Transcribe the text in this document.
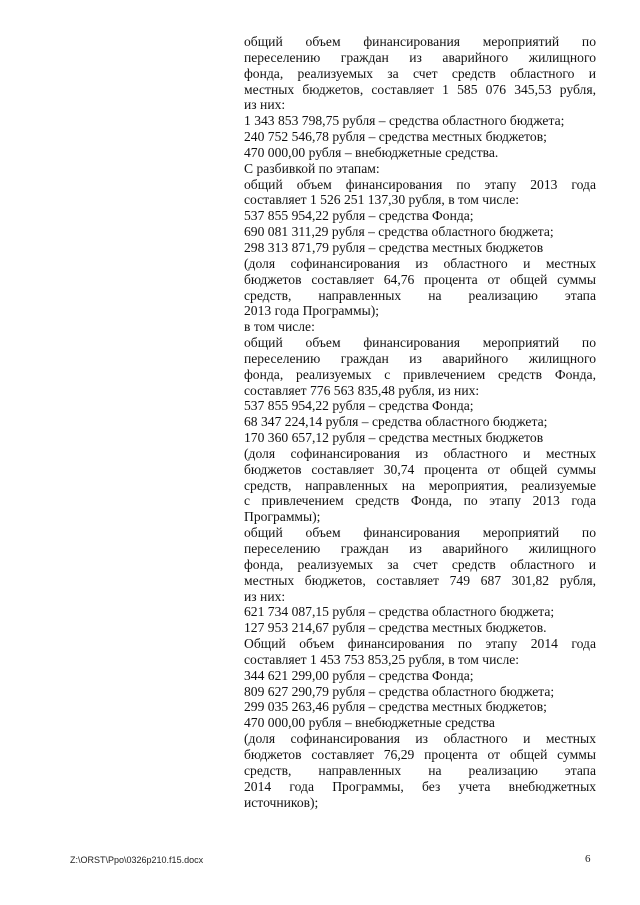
общий объем финансирования мероприятий по
переселению граждан из аварийного жилищного
фонда, реализуемых за счет средств областного и
местных бюджетов, составляет 1 585 076 345,53 рубля,
из них:
1 343 853 798,75 рубля – средства областного бюджета;
240 752 546,78 рубля – средства местных бюджетов;
470 000,00 рубля – внебюджетные средства.
С разбивкой по этапам:
общий объем финансирования по этапу 2013 года
составляет 1 526 251 137,30 рубля, в том числе:
537 855 954,22 рубля – средства Фонда;
690 081 311,29 рубля – средства областного бюджета;
298 313 871,79 рубля – средства местных бюджетов
(доля софинансирования из областного и местных
бюджетов составляет 64,76 процента от общей суммы
средств, направленных на реализацию этапа
2013 года Программы);
в том числе:
общий объем финансирования мероприятий по
переселению граждан из аварийного жилищного
фонда, реализуемых с привлечением средств Фонда,
составляет 776 563 835,48 рубля, из них:
537 855 954,22 рубля – средства Фонда;
68 347 224,14 рубля – средства областного бюджета;
170 360 657,12 рубля – средства местных бюджетов
(доля софинансирования из областного и местных
бюджетов составляет 30,74 процента от общей суммы
средств, направленных на мероприятия, реализуемые
с привлечением средств Фонда, по этапу 2013 года
Программы);
общий объем финансирования мероприятий по
переселению граждан из аварийного жилищного
фонда, реализуемых за счет средств областного и
местных бюджетов, составляет 749 687 301,82 рубля,
из них:
621 734 087,15 рубля – средства областного бюджета;
127 953 214,67 рубля – средства местных бюджетов.
Общий объем финансирования по этапу 2014 года
составляет 1 453 753 853,25 рубля, в том числе:
344 621 299,00 рубля – средства Фонда;
809 627 290,79 рубля – средства областного бюджета;
299 035 263,46 рубля – средства местных бюджетов;
470 000,00 рубля – внебюджетные средства
(доля софинансирования из областного и местных
бюджетов составляет 76,29 процента от общей суммы
средств, направленных на реализацию этапа
2014 года Программы, без учета внебюджетных
источников);
Z:\ORST\Ppo\0326p210.f15.docx	6
